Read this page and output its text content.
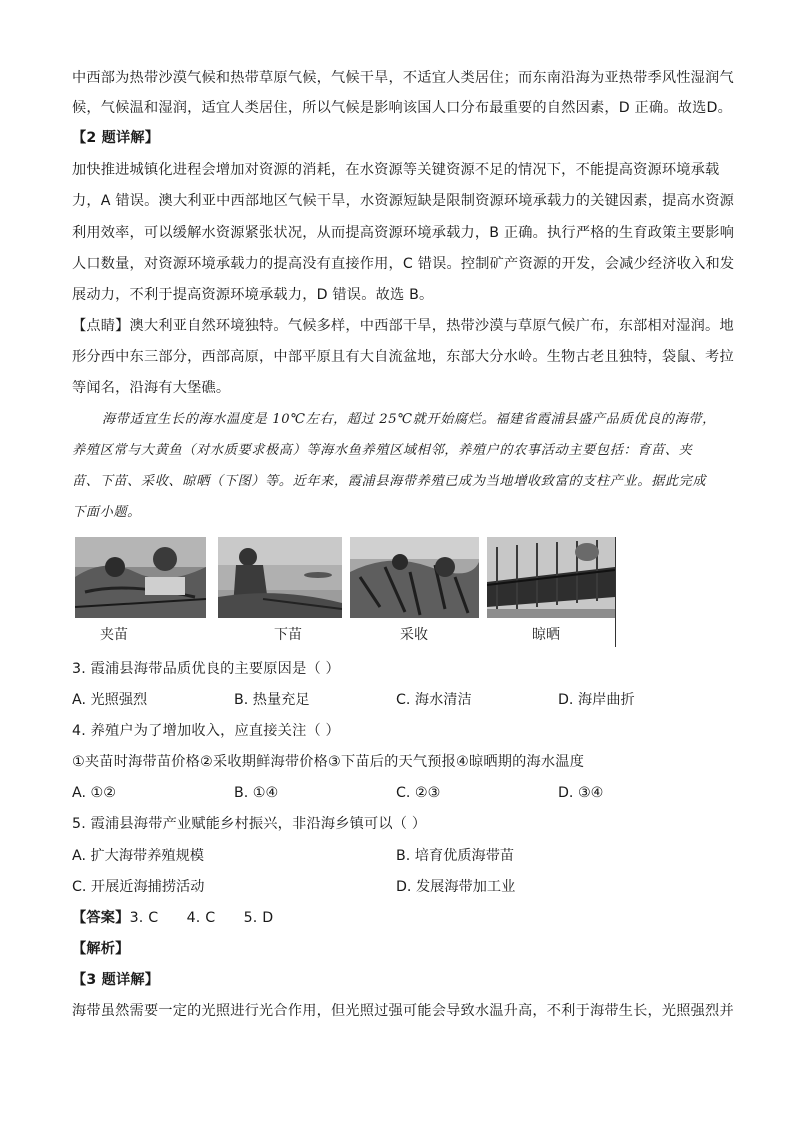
中西部为热带沙漠气候和热带草原气候，气候干旱，不适宜人类居住；而东南沿海为亚热带季风性湿润气
候，气候温和湿润，适宜人类居住，所以气候是影响该国人口分布最重要的自然因素，D 正确。故选D。
【2 题详解】
加快推进城镇化进程会增加对资源的消耗，在水资源等关键资源不足的情况下，不能提高资源环境承载
力，A 错误。澳大利亚中西部地区气候干旱，水资源短缺是限制资源环境承载力的关键因素，提高水资源
利用效率，可以缓解水资源紧张状况，从而提高资源环境承载力，B 正确。执行严格的生育政策主要影响
人口数量，对资源环境承载力的提高没有直接作用，C 错误。控制矿产资源的开发，会减少经济收入和发
展动力，不利于提高资源环境承载力，D 错误。故选 B。
【点睛】澳大利亚自然环境独特。气候多样，中西部干旱，热带沙漠与草原气候广布，东部相对湿润。地
形分西中东三部分，西部高原，中部平原且有大自流盆地，东部大分水岭。生物古老且独特，袋鼠、考拉
等闻名，沿海有大堡礁。
海带适宜生长的海水温度是 10℃左右，超过 25℃就开始腐烂。福建省霞浦县盛产品质优良的海带，
养殖区常与大黄鱼（对水质要求极高）等海水鱼养殖区域相邻，养殖户的农事活动主要包括：育苗、夹
苗、下苗、采收、晾晒（下图）等。近年来，霞浦县海带养殖已成为当地增收致富的支柱产业。据此完成
下面小题。
夹苗	下苗	采收	晾晒
3. 霞浦县海带品质优良的主要原因是（ ）
A. 光照强烈	B. 热量充足	C. 海水清洁	D. 海岸曲折
4. 养殖户为了增加收入，应直接关注（ ）
①夹苗时海带苗价格②采收期鲜海带价格③下苗后的天气预报④晾晒期的海水温度
A. ①②	B. ①④	C. ②③	D. ③④
5. 霞浦县海带产业赋能乡村振兴，非沿海乡镇可以（ ）
A. 扩大海带养殖规模	B. 培育优质海带苗
C. 开展近海捕捞活动	D. 发展海带加工业
【答案】3. C      4. C      5. D
【解析】
【3 题详解】
海带虽然需要一定的光照进行光合作用，但光照过强可能会导致水温升高，不利于海带生长，光照强烈并
